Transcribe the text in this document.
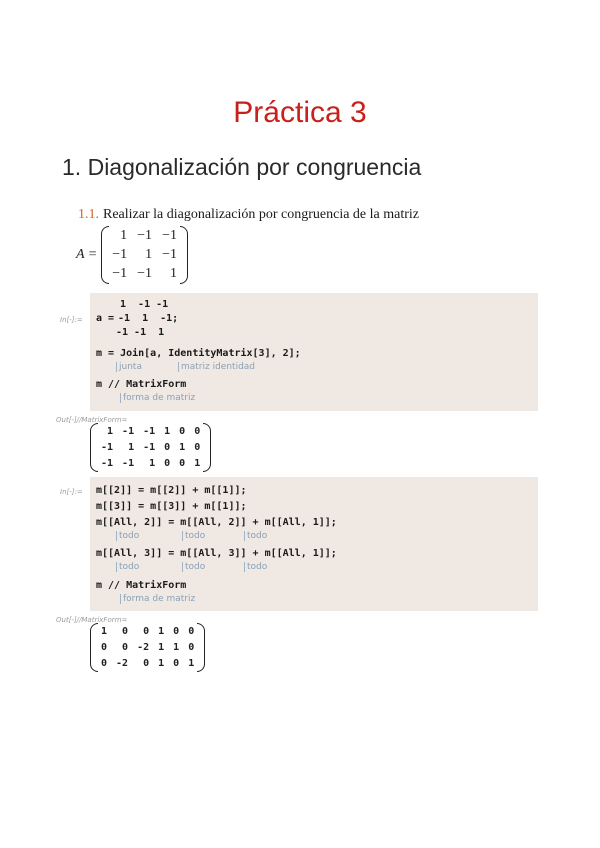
Práctica 3
1. Diagonalización por congruencia
1.1. Realizar la diagonalización por congruencia de la matriz
A =
1 −1 −1
−1	1 −1
−1 −1	1
In[-]:=
1  -1 -1
a = -1  1  -1;
-1 -1  1
m = Join[a, IdentityMatrix[3], 2];
junta	matriz identidad
m // MatrixForm
forma de matriz
Out[-]//MatrixForm=
1 -1 -1 1 0 0
-1	1 -1 0 1 0
-1 -1	1 0 0 1
In[-]:= m[[2]] = m[[2]] + m[[1]];
m[[3]] = m[[3]] + m[[1]];
m[[All, 2]] = m[[All, 2]] + m[[All, 1]];
todo	todo	todo
m[[All, 3]] = m[[All, 3]] + m[[All, 1]];
todo	todo	todo
m // MatrixForm
forma de matriz
Out[-]//MatrixForm=
1	0	0 1 0 0
0	0 -2 1 1 0
0 -2	0 1 0 1
